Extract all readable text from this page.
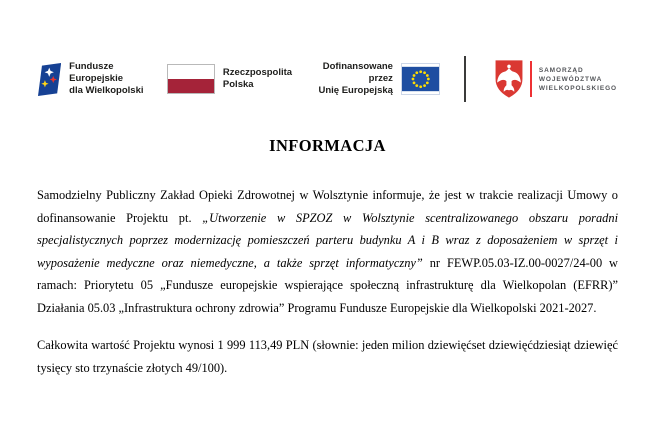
Fundusze Europejskie
dla Wielkopolski
Rzeczpospolita
Polska
Dofinansowane przez
Unię Europejską
SAMORZĄD
WOJEWÓDZTWA
WIELKOPOLSKIEGO
INFORMACJA

Samodzielny Publiczny Zakład Opieki Zdrowotnej w Wolsztynie informuje, że jest w trakcie realizacji Umowy o dofinansowanie Projektu pt. „Utworzenie w SPZOZ w Wolsztynie scentralizowanego obszaru poradni specjalistycznych poprzez modernizację pomieszczeń parteru budynku A i B wraz z doposażeniem w sprzęt i wyposażenie medyczne oraz niemedyczne, a także sprzęt informatyczny” nr FEWP.05.03-IZ.00-0027/24-00 w ramach: Priorytetu 05 „Fundusze europejskie wspierające społeczną infrastrukturę dla Wielkopolan (EFRR)” Działania 05.03 „Infrastruktura ochrony zdrowia” Programu Fundusze Europejskie dla Wielkopolski 2021-2027.

Całkowita wartość Projektu wynosi 1 999 113,49 PLN (słownie: jeden milion dziewięćset dziewięćdziesiąt dziewięć tysięcy sto trzynaście złotych 49/100).
